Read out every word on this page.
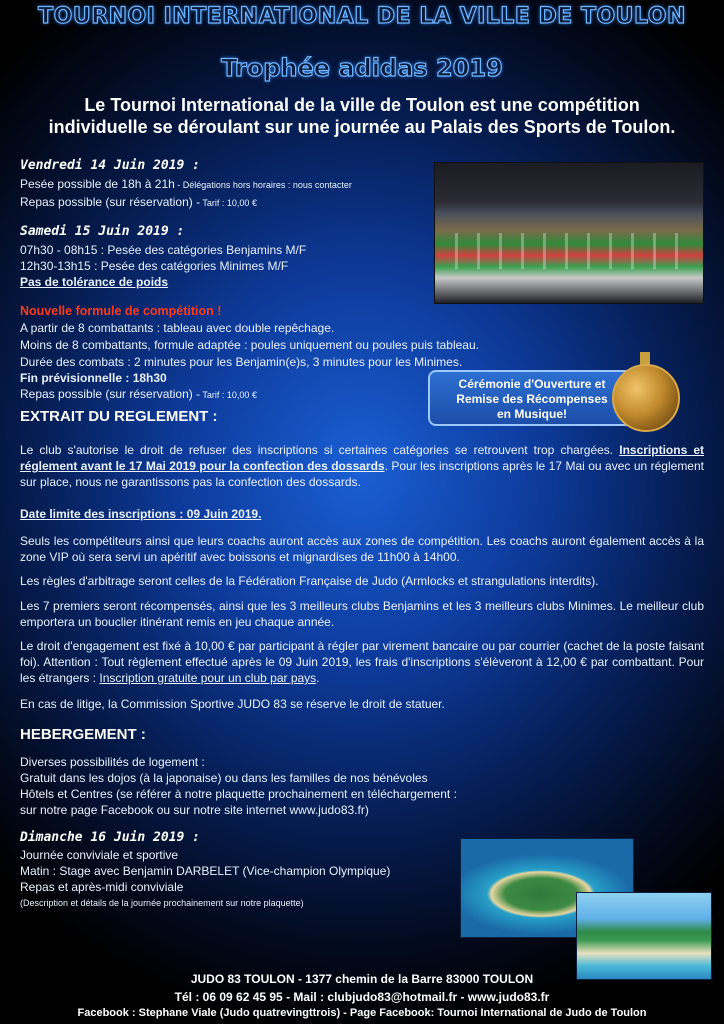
TOURNOI INTERNATIONAL DE LA VILLE DE TOULON
Trophée adidas 2019
Le Tournoi International de la ville de Toulon est une compétition
individuelle se déroulant sur une journée au Palais des Sports de Toulon.
Vendredi 14 Juin 2019 :
Pesée possible de 18h à 21h - Délégations hors horaires : nous contacter
Repas possible (sur réservation) - Tarif : 10,00 €
Samedi 15 Juin 2019 :
07h30 - 08h15 : Pesée des catégories Benjamins M/F
12h30-13h15 : Pesée des catégories Minimes M/F
Pas de tolérance de poids
Nouvelle formule de compétition !
A partir de 8 combattants : tableau avec double repêchage.
Moins de 8 combattants, formule adaptée : poules uniquement ou poules puis tableau.
Durée des combats : 2 minutes pour les Benjamin(e)s, 3 minutes pour les Minimes.
Fin prévisionnelle : 18h30
Repas possible (sur réservation) - Tarif : 10,00 €
Cérémonie d'Ouverture et
Remise des Récompenses
en Musique!
EXTRAIT DU REGLEMENT :
Le club s'autorise le droit de refuser des inscriptions si certaines catégories se retrouvent trop chargées. Inscriptions et réglement avant le 17 Mai 2019 pour la confection des dossards. Pour les inscriptions après le 17 Mai ou avec un réglement sur place, nous ne garantissons pas la confection des dossards.
Date limite des inscriptions : 09 Juin 2019.
Seuls les compétiteurs ainsi que leurs coachs auront accès aux zones de compétition. Les coachs auront également accès à la zone VIP où sera servi un apéritif avec boissons et mignardises de 11h00 à 14h00.
Les règles d'arbitrage seront celles de la Fédération Française de Judo (Armlocks et strangulations interdits).
Les 7 premiers seront récompensés, ainsi que les 3 meilleurs clubs Benjamins et les 3 meilleurs clubs Minimes. Le meilleur club emportera un bouclier itinérant remis en jeu chaque année.
Le droit d'engagement est fixé à 10,00 € par participant à régler par virement bancaire ou par courrier (cachet de la poste faisant foi). Attention : Tout règlement effectué après le 09 Juin 2019, les frais d'inscriptions s'élèveront à 12,00 € par combattant. Pour les étrangers : Inscription gratuite pour un club par pays.
En cas de litige, la Commission Sportive JUDO 83 se réserve le droit de statuer.
HEBERGEMENT :
Diverses possibilités de logement :
Gratuit dans les dojos (à la japonaise) ou dans les familles de nos bénévoles
Hôtels et Centres (se référer à notre plaquette prochainement en téléchargement :
sur notre page Facebook ou sur notre site internet www.judo83.fr)
Dimanche 16 Juin 2019 :
Journée conviviale et sportive
Matin : Stage avec Benjamin DARBELET (Vice-champion Olympique)
Repas et après-midi conviviale
(Description et détails de la journée prochainement sur notre plaquette)
JUDO 83 TOULON - 1377 chemin de la Barre 83000 TOULON
Tél : 06 09 62 45 95 - Mail : clubjudo83@hotmail.fr - www.judo83.fr
Facebook : Stephane Viale (Judo quatrevingttrois) - Page Facebook: Tournoi International de Judo de Toulon
